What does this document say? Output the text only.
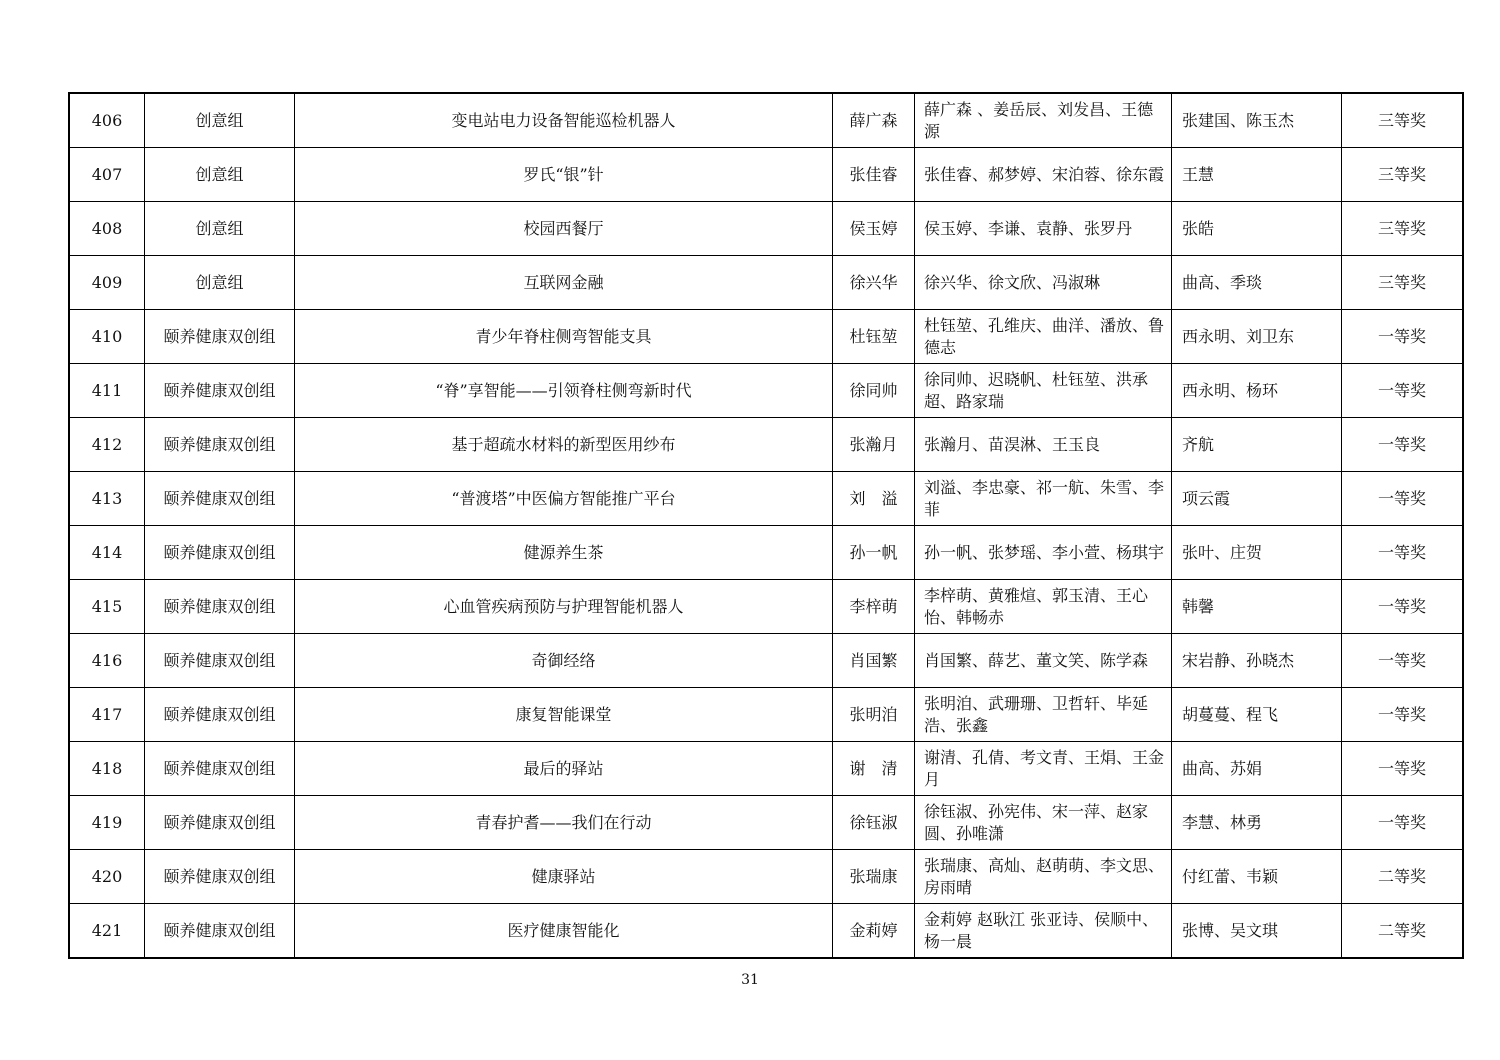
406	创意组	变电站电力设备智能巡检机器人	薛广森	薛广森 、姜岳辰、刘发昌、王德源	张建国、陈玉杰	三等奖
407	创意组	罗氏“银”针	张佳睿	张佳睿、郝梦婷、宋泊蓉、徐东霞	王慧	三等奖
408	创意组	校园西餐厅	侯玉婷	侯玉婷、李谦、袁静、张罗丹	张皓	三等奖
409	创意组	互联网金融	徐兴华	徐兴华、徐文欣、冯淑琳	曲高、季琰	三等奖
410	颐养健康双创组	青少年脊柱侧弯智能支具	杜钰堃	杜钰堃、孔维庆、曲洋、潘放、鲁德志	西永明、刘卫东	一等奖
411	颐养健康双创组	“脊”享智能——引领脊柱侧弯新时代	徐同帅	徐同帅、迟晓帆、杜钰堃、洪承超、路家瑞	西永明、杨环	一等奖
412	颐养健康双创组	基于超疏水材料的新型医用纱布	张瀚月	张瀚月、苗淏淋、王玉良	齐航	一等奖
413	颐养健康双创组	“普渡塔”中医偏方智能推广平台	刘　溢	刘溢、李忠豪、祁一航、朱雪、李菲	项云霞	一等奖
414	颐养健康双创组	健源养生茶	孙一帆	孙一帆、张梦瑶、李小萱、杨琪宇	张叶、庄贺	一等奖
415	颐养健康双创组	心血管疾病预防与护理智能机器人	李梓萌	李梓萌、黄雅煊、郭玉清、王心怡、韩畅赤	韩馨	一等奖
416	颐养健康双创组	奇御经络	肖国繁	肖国繁、薛艺、董文笑、陈学森	宋岩静、孙晓杰	一等奖
417	颐养健康双创组	康复智能课堂	张明洎	张明洎、武珊珊、卫哲轩、毕延浩、张鑫	胡蔓蔓、程飞	一等奖
418	颐养健康双创组	最后的驿站	谢　清	谢清、孔倩、考文青、王焆、王金月	曲高、苏娟	一等奖
419	颐养健康双创组	青春护耆——我们在行动	徐钰淑	徐钰淑、孙宪伟、宋一萍、赵家圆、孙唯潇	李慧、林勇	一等奖
420	颐养健康双创组	健康驿站	张瑞康	张瑞康、高灿、赵萌萌、李文思、房雨晴	付红蕾、韦颖	二等奖
421	颐养健康双创组	医疗健康智能化	金莉婷	金莉婷 赵耿江 张亚诗、侯顺中、杨一晨	张博、吴文琪	二等奖
31
